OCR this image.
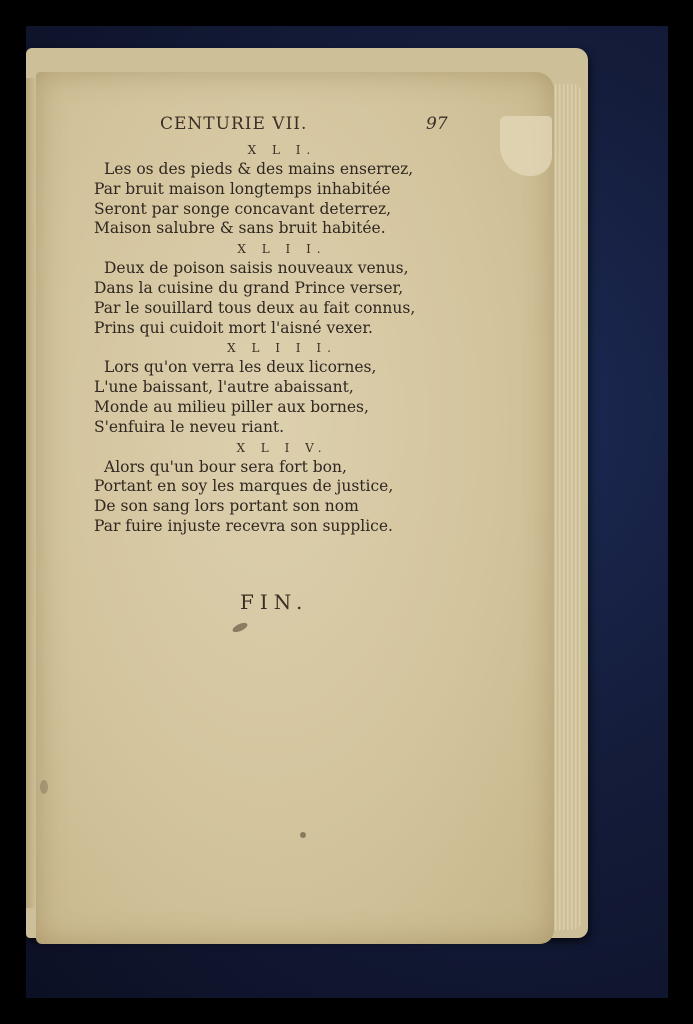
CENTURIE VII.	97
X L I.
Les os des pieds & des mains enserrez,
Par bruit maison longtemps inhabitée
Seront par songe concavant deterrez,
Maison salubre & sans bruit habitée.
X L I I.
Deux de poison saisis nouveaux venus,
Dans la cuisine du grand Prince verser,
Par le souillard tous deux au fait connus,
Prins qui cuidoit mort l'aisné vexer.
X L I I I.
Lors qu'on verra les deux licornes,
L'une baissant, l'autre abaissant,
Monde au milieu piller aux bornes,
S'enfuira le neveu riant.
X L I V.
Alors qu'un bour sera fort bon,
Portant en soy les marques de justice,
De son sang lors portant son nom
Par fuire injuste recevra son supplice.
FIN.
